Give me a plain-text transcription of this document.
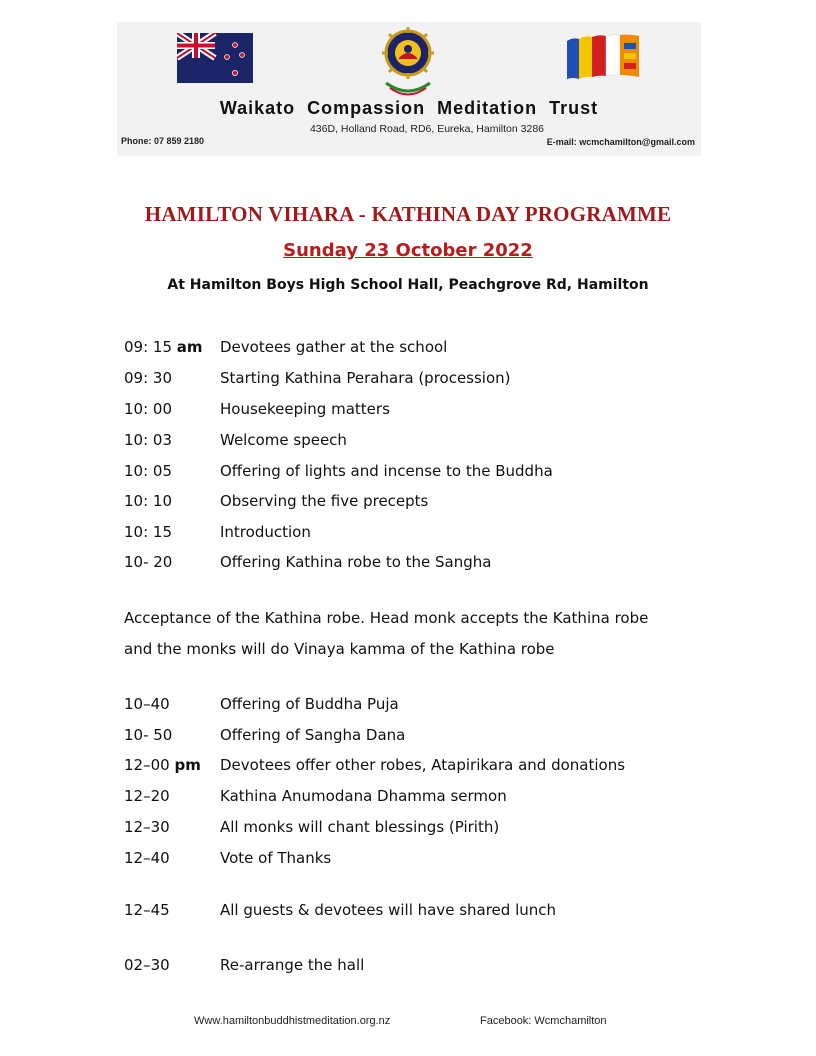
Waikato Compassion Meditation Trust
436D, Holland Road, RD6, Eureka, Hamilton 3286
Phone: 07 859 2180	E-mail: wcmchamilton@gmail.com
HAMILTON VIHARA - KATHINA DAY PROGRAMME
Sunday 23 October 2022
At Hamilton Boys High School Hall, Peachgrove Rd, Hamilton
09: 15 am Devotees gather at the school
09: 30	Starting Kathina Perahara (procession)
10: 00	Housekeeping matters
10: 03	Welcome speech
10: 05	Offering of lights and incense to the Buddha
10: 10	Observing the five precepts
10: 15	Introduction
10- 20	Offering Kathina robe to the Sangha
Acceptance of the Kathina robe. Head monk accepts the Kathina robe
and the monks will do Vinaya kamma of the Kathina robe
10–40	Offering of Buddha Puja
10- 50	Offering of Sangha Dana
12–00 pm Devotees offer other robes, Atapirikara and donations
12–20	Kathina Anumodana Dhamma sermon
12–30	All monks will chant blessings (Pirith)
12–40	Vote of Thanks
12–45	All guests & devotees will have shared lunch
02–30	Re-arrange the hall
Www.hamiltonbuddhistmeditation.org.nz	Facebook: Wcmchamilton
